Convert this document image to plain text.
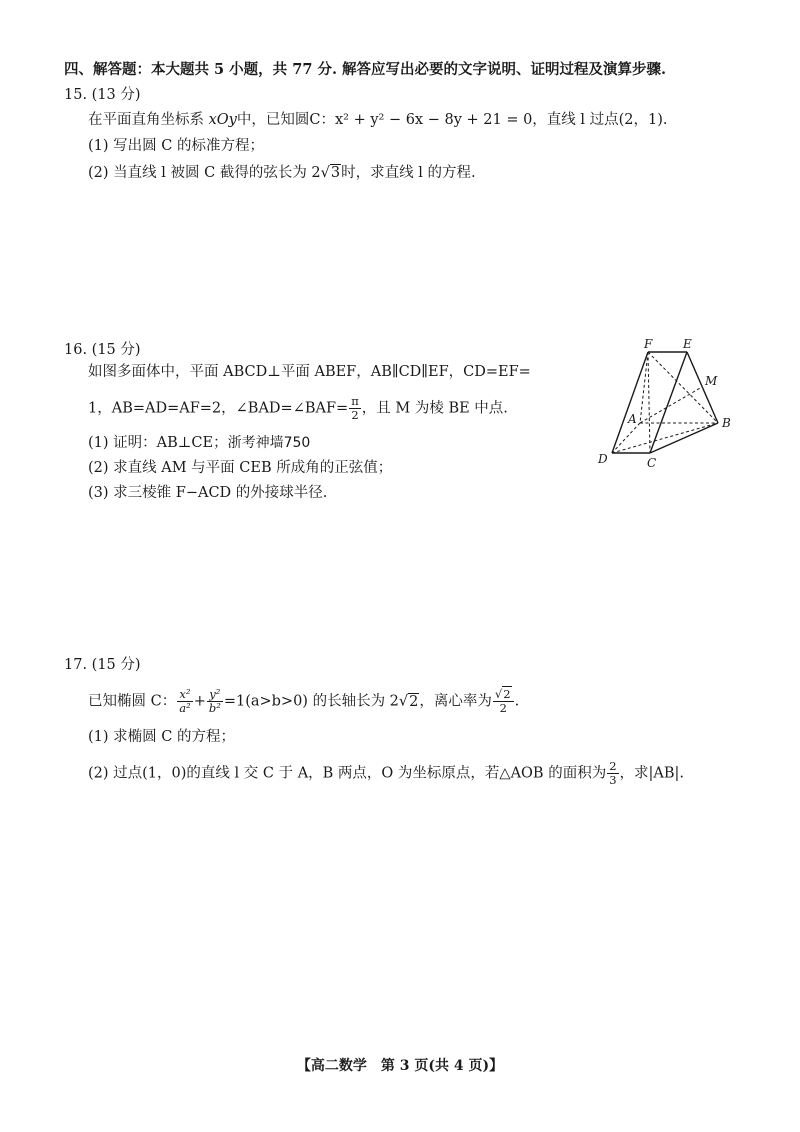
四、解答题：本大题共 5 小题，共 77 分. 解答应写出必要的文字说明、证明过程及演算步骤.
15. (13 分)
在平面直角坐标系 xOy中，已知圆C：x² + y² − 6x − 8y + 21 = 0，直线 l 过点(2，1).
(1) 写出圆 C 的标准方程；
(2) 当直线 l 被圆 C 截得的弦长为 2√3时，求直线 l 的方程.
16. (15 分)
如图多面体中，平面 ABCD⊥平面 ABEF，AB∥CD∥EF，CD=EF=
1，AB=AD=AF=2，∠BAD=∠BAF= $\frac{\pi}{2}$ ，且 M 为棱 BE 中点.
(1) 证明：AB⊥CE；浙考神墙750
(2) 求直线 AM 与平面 CEB 所成角的正弦值；
(3) 求三棱锥 F−ACD 的外接球半径.
F	E
M
A	B
D	C
17. (15 分)
已知椭圆 C： $\frac{\text{x²}}{\text{a²}} + \frac{\text{y²}}{\text{b²}} =1(a>b>0)$ 的长轴长为 2√2，离心率为 $\frac{√2}{2}$ .
(1) 求椭圆 C 的方程；
(2) 过点(1，0)的直线 l 交 C 于 A，B 两点，O 为坐标原点，若△AOB 的面积为 $\frac{2}{3}$ ，求|AB|.
【高二数学　第 3 页(共 4 页)】
